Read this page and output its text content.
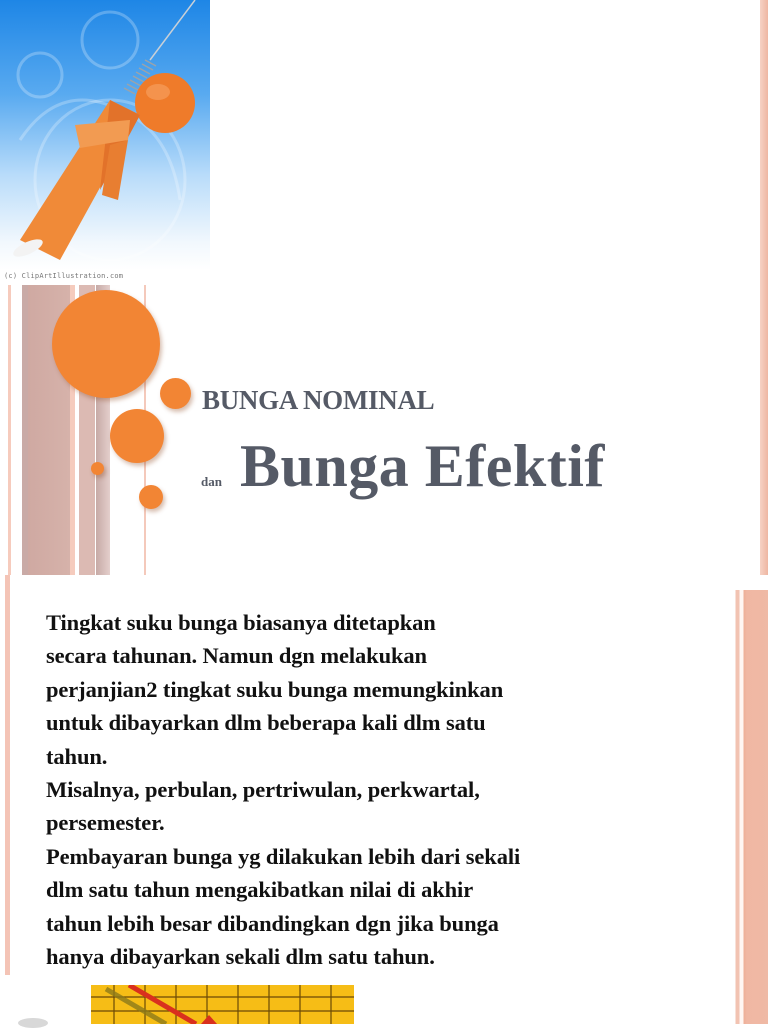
(c) ClipArtIllustration.com
BUNGA NOMINAL
dan Bunga Efektif
Tingkat suku bunga biasanya ditetapkan
secara tahunan. Namun dgn melakukan
perjanjian2 tingkat suku bunga memungkinkan
untuk dibayarkan dlm beberapa kali dlm satu
tahun.
Misalnya, perbulan, pertriwulan, perkwartal,
persemester.
Pembayaran bunga yg dilakukan lebih dari sekali
dlm satu tahun mengakibatkan nilai di akhir
tahun lebih besar dibandingkan dgn jika bunga
hanya dibayarkan sekali dlm satu tahun.
